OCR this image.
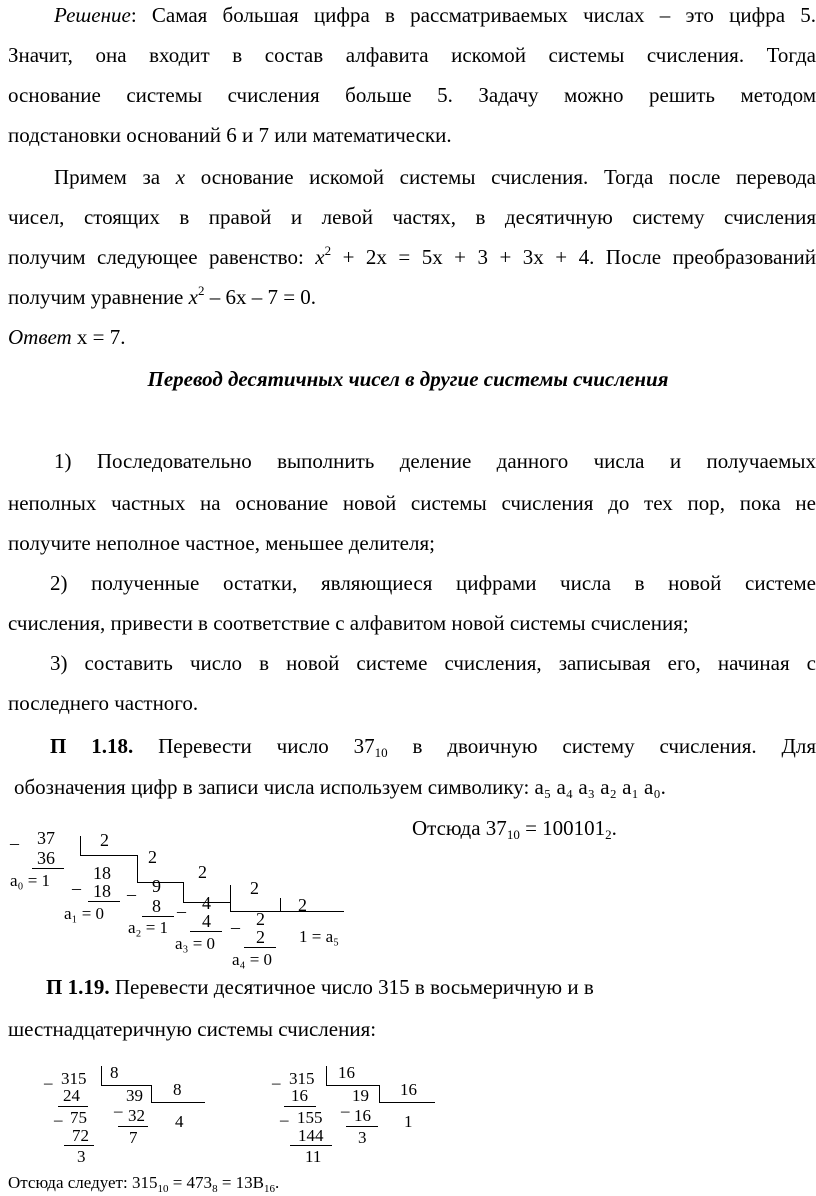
Решение: Самая большая цифра в рассматриваемых числах – это цифра 5.
Значит, она входит в состав алфавита искомой системы счисления. Тогда
основание системы счисления больше 5. Задачу можно решить методом
подстановки оснований 6 и 7 или математически.
Примем за x основание искомой системы счисления. Тогда после перевода
чисел, стоящих в правой и левой частях, в десятичную систему счисления
получим следующее равенство: $x^2 + 2x = 5x + 3 + 3x + 4$. После преобразований
получим уравнение $x^2 - 6x - 7 = 0$.
Ответ x = 7.
Перевод десятичных чисел в другие системы счисления
1) Последовательно выполнить деление данного числа и получаемых
неполных частных на основание новой системы счисления до тех пор, пока не
получите неполное частное, меньшее делителя;
2) полученные остатки, являющиеся цифрами числа в новой системе
счисления, привести в соответствие с алфавитом новой системы счисления;
3) составить число в новой системе счисления, записывая его, начиная с
последнего частного.
П 1.18. Перевести число $37_{10}$ в двоичную систему счисления. Для
обозначения цифр в записи числа используем символику: a₅ a₄ a₃ a₂ a₁ a₀.
Отсюда $37_{10} = 100101_2$.
– 37	2
36
a₀ = 1 –
18
2
18
a₁ = 0
– 9
2
8
a₂ = 1
– 4
2
4
a₃ = 0
– 2
2
2
a₄ = 0
1 = a₅
П 1.19. Перевести десятичное число 315 в восьмеричную и в
шестнадцатеричную системы счисления:
– 315 8
24	39 8
– 75 – 32 4
72 7
3
– 315 16
16	19 16
– 155 – 16 1
144 3
11
Отсюда следует: $315_{10} = 473_8 = 13B_{16}$.
